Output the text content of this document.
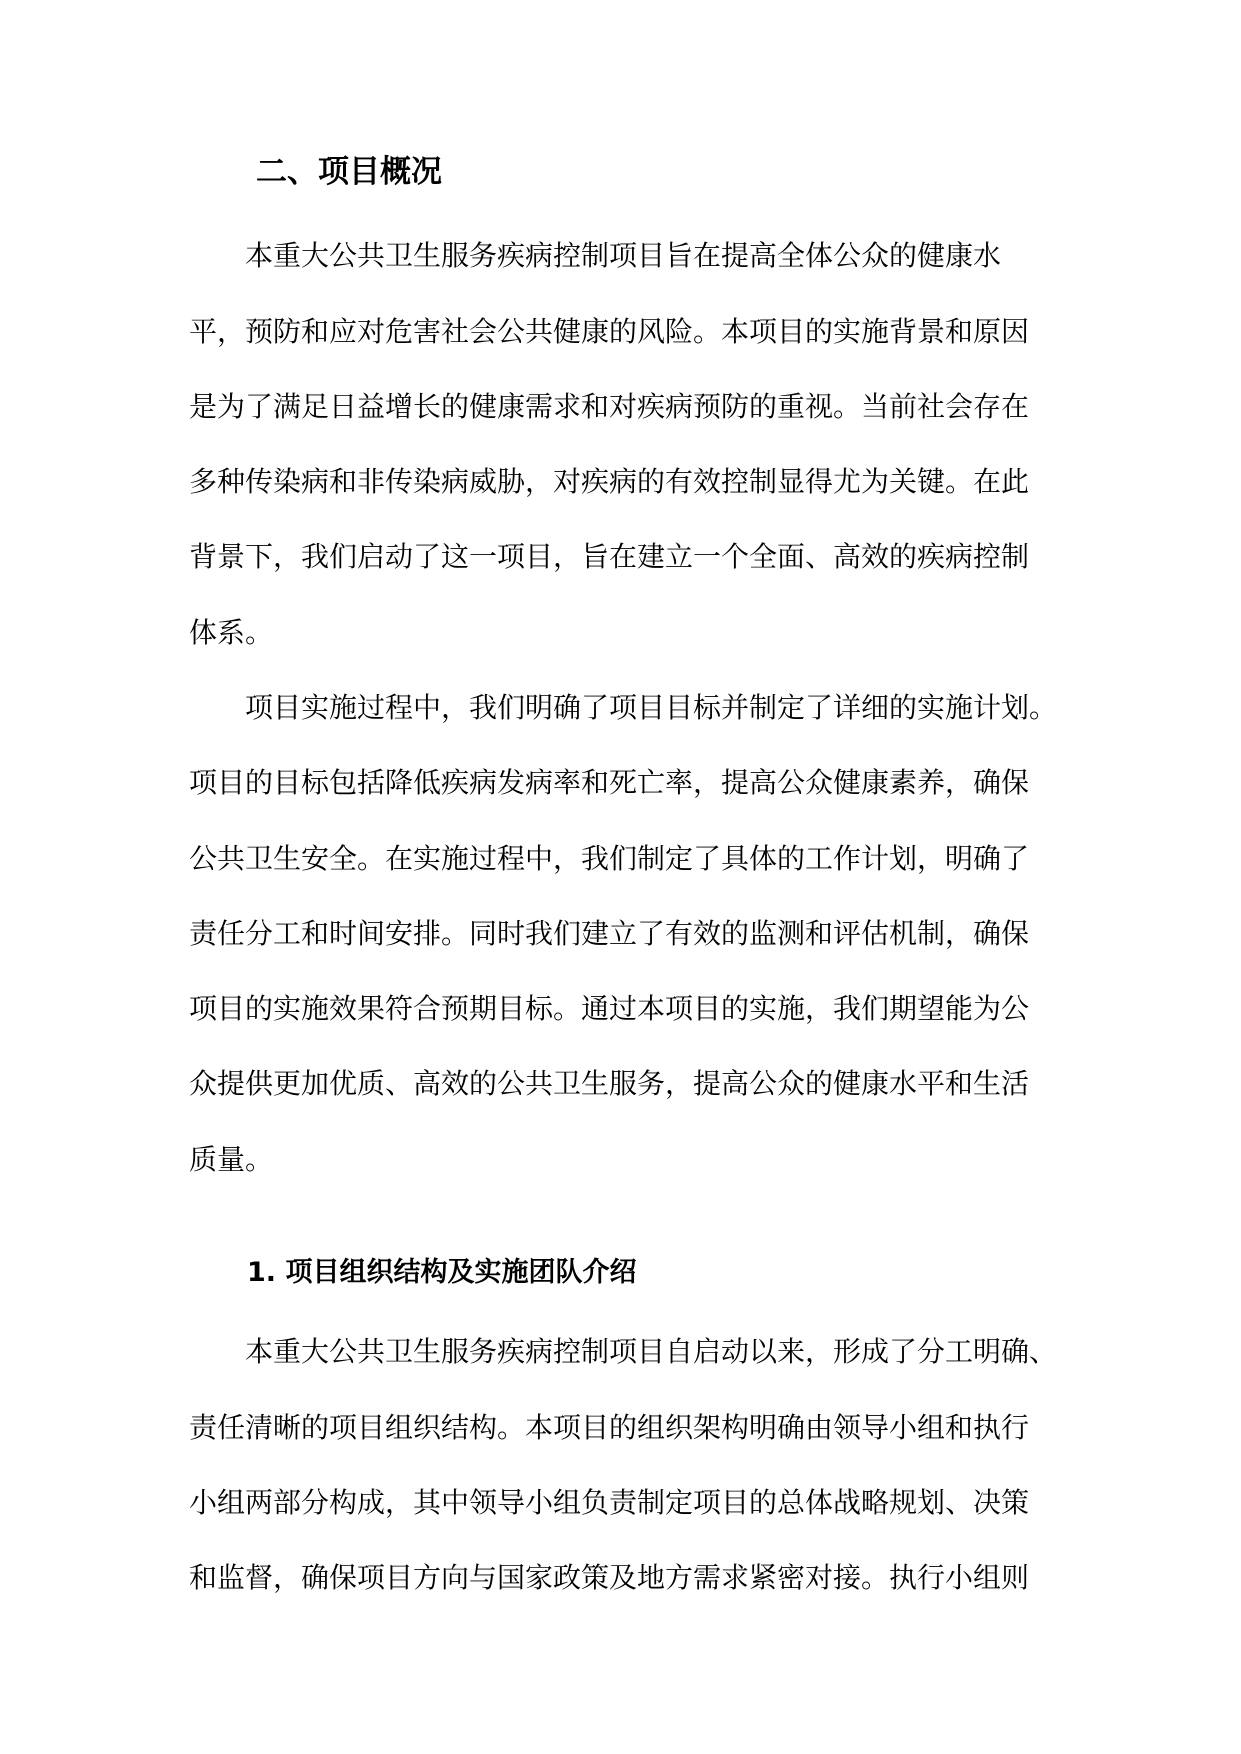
二、项目概况

本重大公共卫生服务疾病控制项目旨在提高全体公众的健康水

平，预防和应对危害社会公共健康的风险。本项目的实施背景和原因

是为了满足日益增长的健康需求和对疾病预防的重视。当前社会存在

多种传染病和非传染病威胁，对疾病的有效控制显得尤为关键。在此

背景下，我们启动了这一项目，旨在建立一个全面、高效的疾病控制

体系。

项目实施过程中，我们明确了项目目标并制定了详细的实施计划。

项目的目标包括降低疾病发病率和死亡率，提高公众健康素养，确保

公共卫生安全。在实施过程中，我们制定了具体的工作计划，明确了

责任分工和时间安排。同时我们建立了有效的监测和评估机制，确保

项目的实施效果符合预期目标。通过本项目的实施，我们期望能为公

众提供更加优质、高效的公共卫生服务，提高公众的健康水平和生活

质量。

1. 项目组织结构及实施团队介绍

本重大公共卫生服务疾病控制项目自启动以来，形成了分工明确、

责任清晰的项目组织结构。本项目的组织架构明确由领导小组和执行

小组两部分构成，其中领导小组负责制定项目的总体战略规划、决策

和监督，确保项目方向与国家政策及地方需求紧密对接。执行小组则
